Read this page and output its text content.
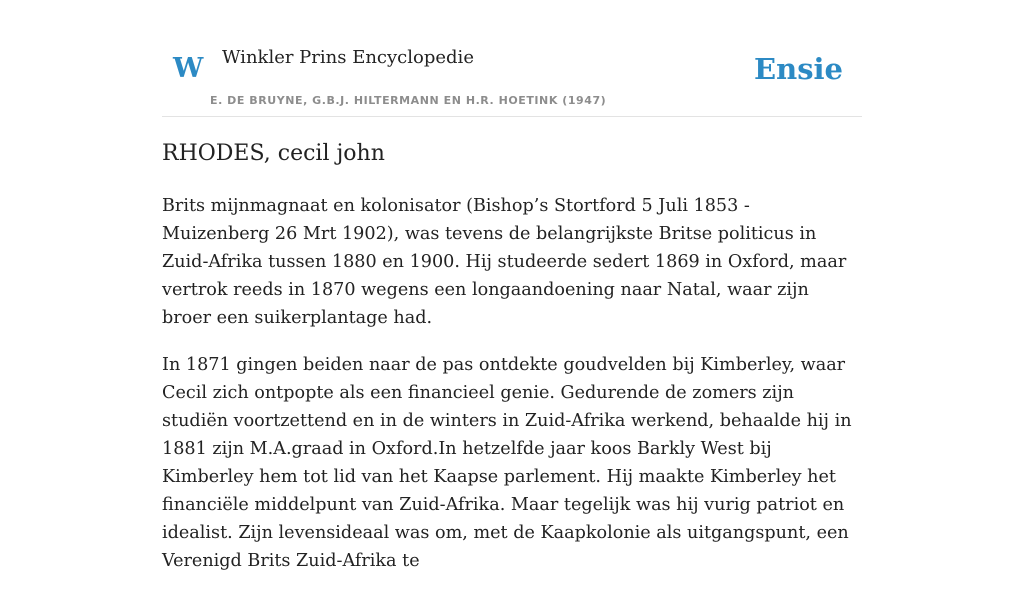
W Winkler Prins Encyclopedie
E. DE BRUYNE, G.B.J. HILTERMANN EN H.R. HOETINK (1947)
Ensie
RHODES, cecil john

Brits mijnmagnaat en kolonisator (Bishop’s Stortford 5 Juli 1853 - Muizenberg 26 Mrt 1902), was tevens de belangrijkste Britse politicus in Zuid-Afrika tussen 1880 en 1900. Hij studeerde sedert 1869 in Oxford, maar vertrok reeds in 1870 wegens een longaandoening naar Natal, waar zijn broer een suikerplantage had.

In 1871 gingen beiden naar de pas ontdekte goudvelden bij Kimberley, waar Cecil zich ontpopte als een financieel genie. Gedurende de zomers zijn studiën voortzettend en in de winters in Zuid-Afrika werkend, behaalde hij in 1881 zijn M.A.graad in Oxford.In hetzelfde jaar koos Barkly West bij Kimberley hem tot lid van het Kaapse parlement. Hij maakte Kimberley het financiële middelpunt van Zuid-Afrika. Maar tegelijk was hij vurig patriot en idealist. Zijn levensideaal was om, met de Kaapkolonie als uitgangspunt, een Verenigd Brits Zuid-Afrika te
